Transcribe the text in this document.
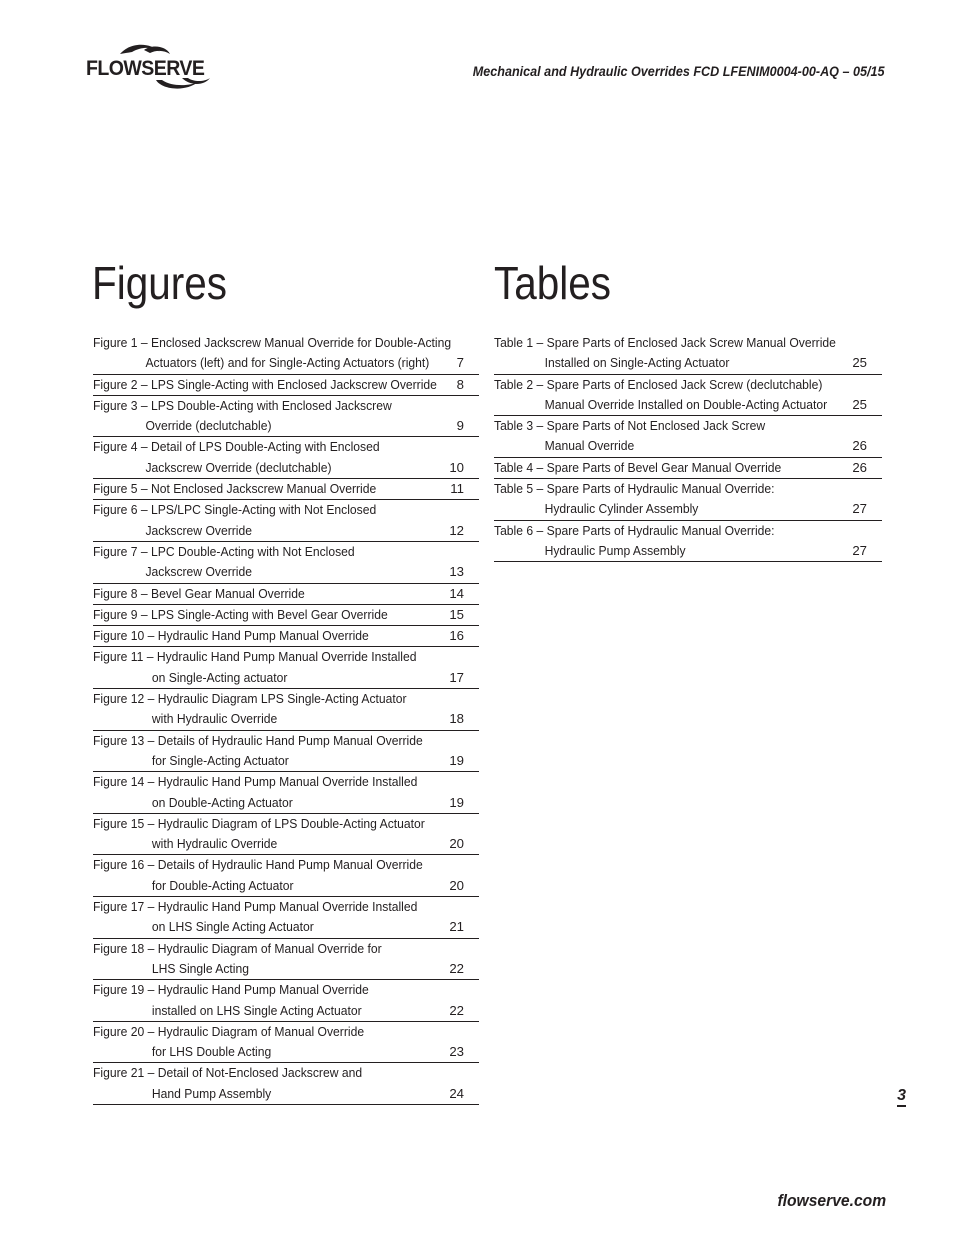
FLOWSERVE	Mechanical and Hydraulic Overrides FCD LFENIM0004-00-AQ – 05/15
Figures	Tables
Figure 1 – Enclosed Jackscrew Manual Override for Double-Acting
Actuators (left) and for Single-Acting Actuators (right)	7
Figure 2 – LPS Single-Acting with Enclosed Jackscrew Override	8
Figure 3 – LPS Double-Acting with Enclosed Jackscrew
Override (declutchable)	9
Figure 4 – Detail of LPS Double-Acting with Enclosed
Jackscrew Override (declutchable)	10
Figure 5 – Not Enclosed Jackscrew Manual Override	11
Figure 6 – LPS/LPC Single-Acting with Not Enclosed
Jackscrew Override	12
Figure 7 – LPC Double-Acting with Not Enclosed
Jackscrew Override	13
Figure 8 – Bevel Gear Manual Override	14
Figure 9 – LPS Single-Acting with Bevel Gear Override	15
Figure 10 – Hydraulic Hand Pump Manual Override	16
Figure 11 – Hydraulic Hand Pump Manual Override Installed
on Single-Acting actuator	17
Figure 12 – Hydraulic Diagram LPS Single-Acting Actuator
with Hydraulic Override	18
Figure 13 – Details of Hydraulic Hand Pump Manual Override
for Single-Acting Actuator	19
Figure 14 – Hydraulic Hand Pump Manual Override Installed
on Double-Acting Actuator	19
Figure 15 – Hydraulic Diagram of LPS Double-Acting Actuator
with Hydraulic Override	20
Figure 16 – Details of Hydraulic Hand Pump Manual Override
for Double-Acting Actuator	20
Figure 17 – Hydraulic Hand Pump Manual Override Installed
on LHS Single Acting Actuator	21
Figure 18 – Hydraulic Diagram of Manual Override for
LHS Single Acting	22
Figure 19 – Hydraulic Hand Pump Manual Override
installed on LHS Single Acting Actuator	22
Figure 20 – Hydraulic Diagram of Manual Override
for LHS Double Acting	23
Figure 21 – Detail of Not-Enclosed Jackscrew and
Hand Pump Assembly	24
Table 1 – Spare Parts of Enclosed Jack Screw Manual Override
Installed on Single-Acting Actuator	25
Table 2 – Spare Parts of Enclosed Jack Screw (declutchable)
Manual Override Installed on Double-Acting Actuator	25
Table 3 – Spare Parts of Not Enclosed Jack Screw
Manual Override	26
Table 4 – Spare Parts of Bevel Gear Manual Override	26
Table 5 – Spare Parts of Hydraulic Manual Override:
Hydraulic Cylinder Assembly	27
Table 6 – Spare Parts of Hydraulic Manual Override:
Hydraulic Pump Assembly	27
3
flowserve.com
